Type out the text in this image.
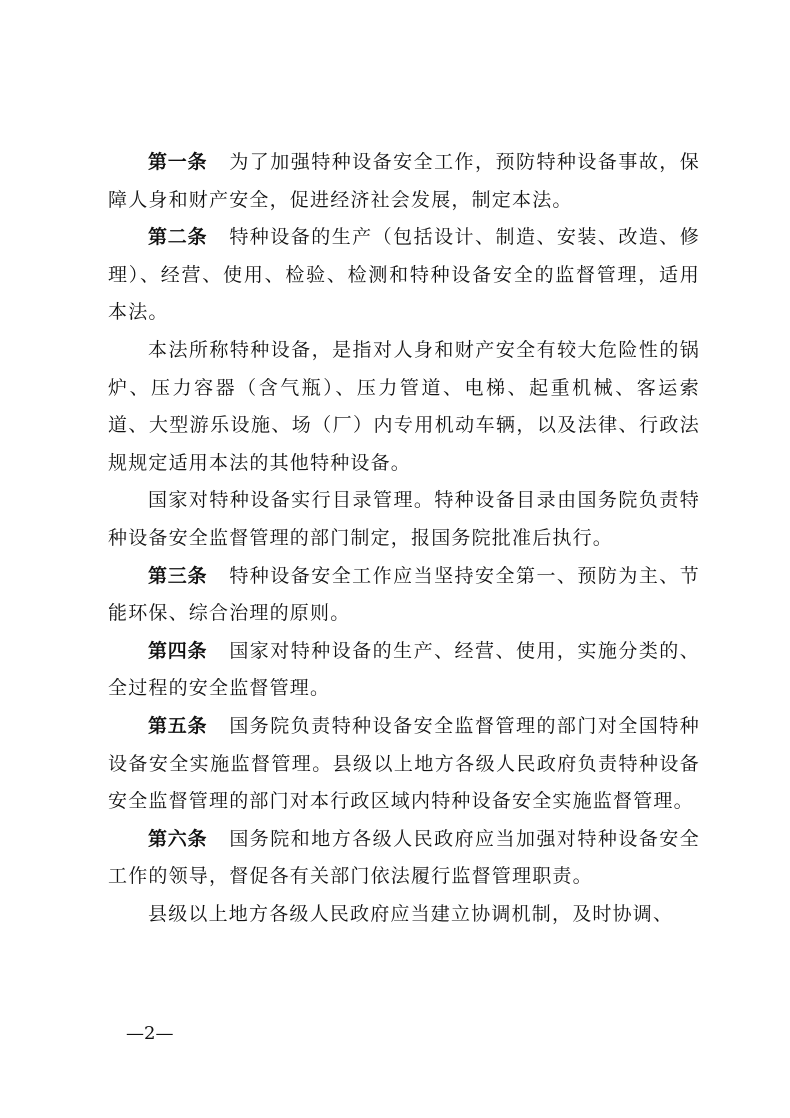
第一条 为了加强特种设备安全工作，预防特种设备事故，保障人身和财产安全，促进经济社会发展，制定本法。

第二条 特种设备的生产（包括设计、制造、安装、改造、修理）、经营、使用、检验、检测和特种设备安全的监督管理，适用本法。

本法所称特种设备，是指对人身和财产安全有较大危险性的锅炉、压力容器（含气瓶）、压力管道、电梯、起重机械、客运索道、大型游乐设施、场（厂）内专用机动车辆，以及法律、行政法规规定适用本法的其他特种设备。

国家对特种设备实行目录管理。特种设备目录由国务院负责特种设备安全监督管理的部门制定，报国务院批准后执行。

第三条 特种设备安全工作应当坚持安全第一、预防为主、节能环保、综合治理的原则。

第四条 国家对特种设备的生产、经营、使用，实施分类的、全过程的安全监督管理。

第五条 国务院负责特种设备安全监督管理的部门对全国特种设备安全实施监督管理。县级以上地方各级人民政府负责特种设备安全监督管理的部门对本行政区域内特种设备安全实施监督管理。

第六条 国务院和地方各级人民政府应当加强对特种设备安全工作的领导，督促各有关部门依法履行监督管理职责。

县级以上地方各级人民政府应当建立协调机制，及时协调、

—2—
